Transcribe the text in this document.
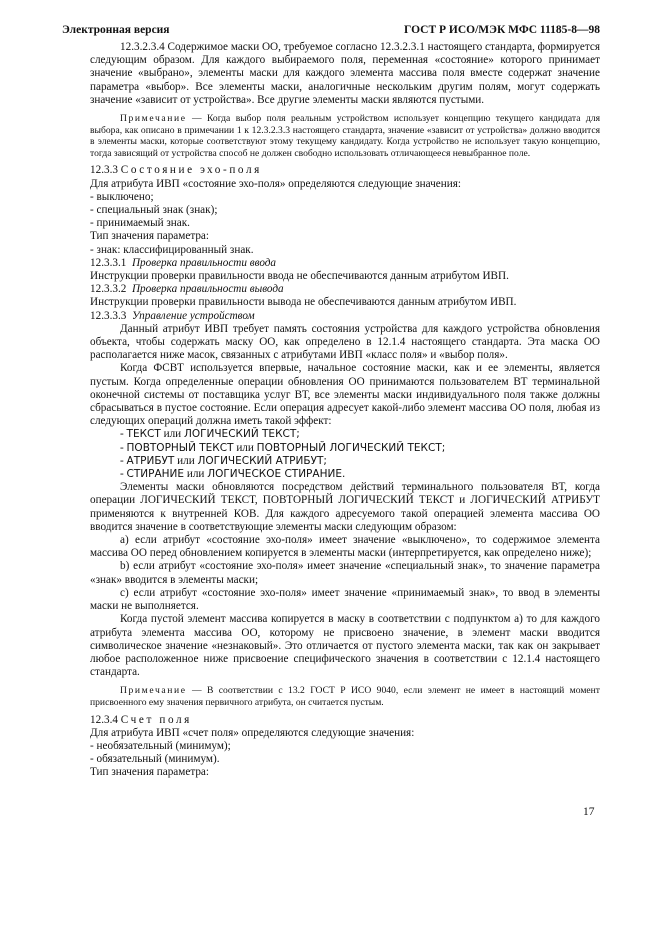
Электронная версия	ГОСТ Р ИСО/МЭК МФС 11185-8—98

12.3.2.3.4 Содержимое маски ОО, требуемое согласно 12.3.2.3.1 настоящего стандарта, формируется следующим образом. Для каждого выбираемого поля, переменная «состояние» которого принимает значение «выбрано», элементы маски для каждого элемента массива поля вместе содержат значение параметра «выбор». Все элементы маски, аналогичные нескольким другим полям, могут содержать значение «зависит от устройства». Все другие элементы маски являются пустыми.

Примечание — Когда выбор поля реальным устройством использует концепцию текущего кандидата для выбора, как описано в примечании 1 к 12.3.2.3.3 настоящего стандарта, значение «зависит от устройства» должно вводится в элементы маски, которые соответствуют этому текущему кандидату. Когда устройство не использует такую концепцию, тогда зависящий от устройства способ не должен свободно использовать отличающееся невыбранное поле.

12.3.3 Состояние эхо-поля

Для атрибута ИВП «состояние эхо-поля» определяются следующие значения:

- выключено;

- специальный знак (знак);

- принимаемый знак.

Тип значения параметра:

- знак: классифицированный знак.

12.3.3.1 Проверка правильности ввода

Инструкции проверки правильности ввода не обеспечиваются данным атрибутом ИВП.

12.3.3.2 Проверка правильности вывода

Инструкции проверки правильности вывода не обеспечиваются данным атрибутом ИВП.

12.3.3.3 Управление устройством

Данный атрибут ИВП требует память состояния устройства для каждого устройства обновления объекта, чтобы содержать маску ОО, как определено в 12.1.4 настоящего стандарта. Эта маска ОО располагается ниже масок, связанных с атрибутами ИВП «класс поля» и «выбор поля».

Когда ФСВТ используется впервые, начальное состояние маски, как и ее элементы, является пустым. Когда определенные операции обновления ОО принимаются пользователем ВТ терминальной оконечной системы от поставщика услуг ВТ, все элементы маски индивидуального поля также должны сбрасываться в пустое состояние. Если операция адресует какой-либо элемент массива ОО поля, любая из следующих операций должна иметь такой эффект:

- ТЕКСТ или ЛОГИЧЕСКИЙ ТЕКСТ;

- ПОВТОРНЫЙ ТЕКСТ или ПОВТОРНЫЙ ЛОГИЧЕСКИЙ ТЕКСТ;

- АТРИБУТ или ЛОГИЧЕСКИЙ АТРИБУТ;

- СТИРАНИЕ или ЛОГИЧЕСКОЕ СТИРАНИЕ.

Элементы маски обновляются посредством действий терминального пользователя ВТ, когда операции ЛОГИЧЕСКИЙ ТЕКСТ, ПОВТОРНЫЙ ЛОГИЧЕСКИЙ ТЕКСТ и ЛОГИЧЕСКИЙ АТРИБУТ применяются к внутренней КОВ. Для каждого адресуемого такой операцией элемента массива ОО вводится значение в соответствующие элементы маски следующим образом:

а) если атрибут «состояние эхо-поля» имеет значение «выключено», то содержимое элемента массива ОО перед обновлением копируется в элементы маски (интерпретируется, как определено ниже);

b) если атрибут «состояние эхо-поля» имеет значение «специальный знак», то значение параметра «знак» вводится в элементы маски;

c) если атрибут «состояние эхо-поля» имеет значение «принимаемый знак», то ввод в элементы маски не выполняется.

Когда пустой элемент массива копируется в маску в соответствии с подпунктом а) то для каждого атрибута элемента массива ОО, которому не присвоено значение, в элемент маски вводится символическое значение «незнаковый». Это отличается от пустого элемента маски, так как он закрывает любое расположенное ниже присвоение специфического значения в соответствии с 12.1.4 настоящего стандарта.

Примечание — В соответствии с 13.2 ГОСТ Р ИСО 9040, если элемент не имеет в настоящий момент присвоенного ему значения первичного атрибута, он считается пустым.

12.3.4 Счет поля

Для атрибута ИВП «счет поля» определяются следующие значения:

- необязательный (минимум);

- обязательный (минимум).

Тип значения параметра:

17
